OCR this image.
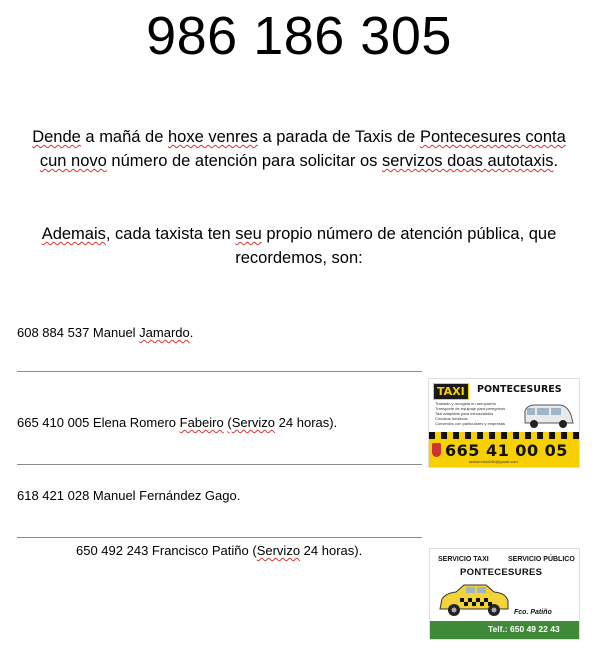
986 186 305
Dende a mañá de hoxe venres a parada de Taxis de Pontecesures conta
cun novo número de atención para solicitar os servizos doas autotaxis.
Ademais, cada taxista ten seu propio número de atención pública, que recordemos, son:
608 884 537 Manuel Jamardo.
665 410 005 Elena Romero Fabeiro (Servizo 24 horas).
618 421 028 Manuel Fernández Gago.
650 492 243 Francisco Patiño (Servizo 24 horas).
TAXI	PONTECESURES
Traslado y recogida en aeropuerto
Transporte de equipaje para peregrinos
Taxi adaptado para minusválidos
Circuitos turísticos
Convenios con particulares y empresas
665 41 00 05
taxiservicio24h@gmail.com
SERVICIO TAXI	SERVICIO PÚBLICO
PONTECESURES
Fco. Patiño
Telf.: 650 49 22 43
